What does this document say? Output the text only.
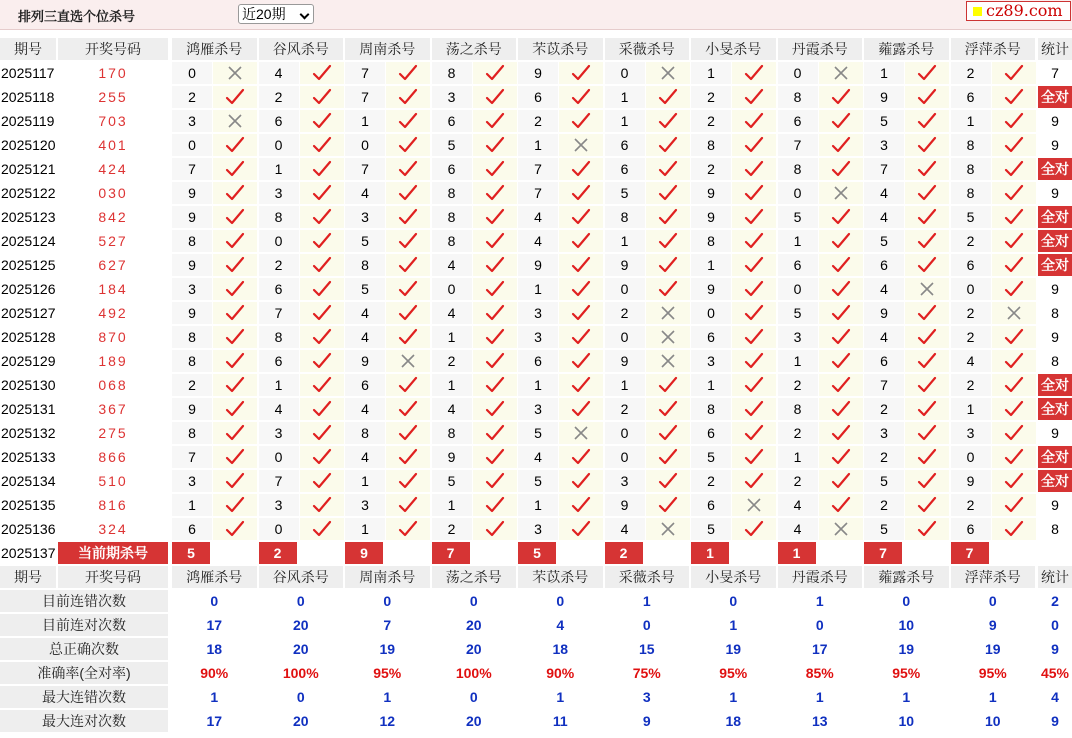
排列三直选个位杀号	近20期	cz89.com
期号	开奖号码	鸿雁杀号	谷风杀号	周南杀号	荡之杀号	芣苡杀号	采薇杀号	小旻杀号	丹霞杀号	蕹露杀号	浮萍杀号	统计
2025117	170	0	4	7	8	9	0	1	0	1	2	7
2025118	255	2	2	7	3	6	1	2	8	9	6	全对
2025119	703	3	6	1	6	2	1	2	6	5	1	9
2025120	401	0	0	0	5	1	6	8	7	3	8	9
2025121	424	7	1	7	6	7	6	2	8	7	8	全对
2025122	030	9	3	4	8	7	5	9	0	4	8	9
2025123	842	9	8	3	8	4	8	9	5	4	5	全对
2025124	527	8	0	5	8	4	1	8	1	5	2	全对
2025125	627	9	2	8	4	9	9	1	6	6	6	全对
2025126	184	3	6	5	0	1	0	9	0	4	0	9
2025127	492	9	7	4	4	3	2	0	5	9	2	8
2025128	870	8	8	4	1	3	0	6	3	4	2	9
2025129	189	8	6	9	2	6	9	3	1	6	4	8
2025130	068	2	1	6	1	1	1	1	2	7	2	全对
2025131	367	9	4	4	4	3	2	8	8	2	1	全对
2025132	275	8	3	8	8	5	0	6	2	3	3	9
2025133	866	7	0	4	9	4	0	5	1	2	0	全对
2025134	510	3	7	1	5	5	3	2	2	5	9	全对
2025135	816	1	3	3	1	1	9	6	4	2	2	9
2025136	324	6	0	1	2	3	4	5	4	5	6	8
2025137	当前期杀号	5	2	9	7	5	2	1	1	7	7
期号	开奖号码	鸿雁杀号	谷风杀号	周南杀号	荡之杀号	芣苡杀号	采薇杀号	小旻杀号	丹霞杀号	蕹露杀号	浮萍杀号	统计
目前连错次数	0	0	0	0	0	1	0	1	0	0	2
目前连对次数	17	20	7	20	4	0	1	0	10	9	0
总正确次数	18	20	19	20	18	15	19	17	19	19	9
准确率(全对率)	90%	100%	95%	100%	90%	75%	95%	85%	95%	95%	45%
最大连错次数	1	0	1	0	1	3	1	1	1	1	4
最大连对次数	17	20	12	20	11	9	18	13	10	10	9
